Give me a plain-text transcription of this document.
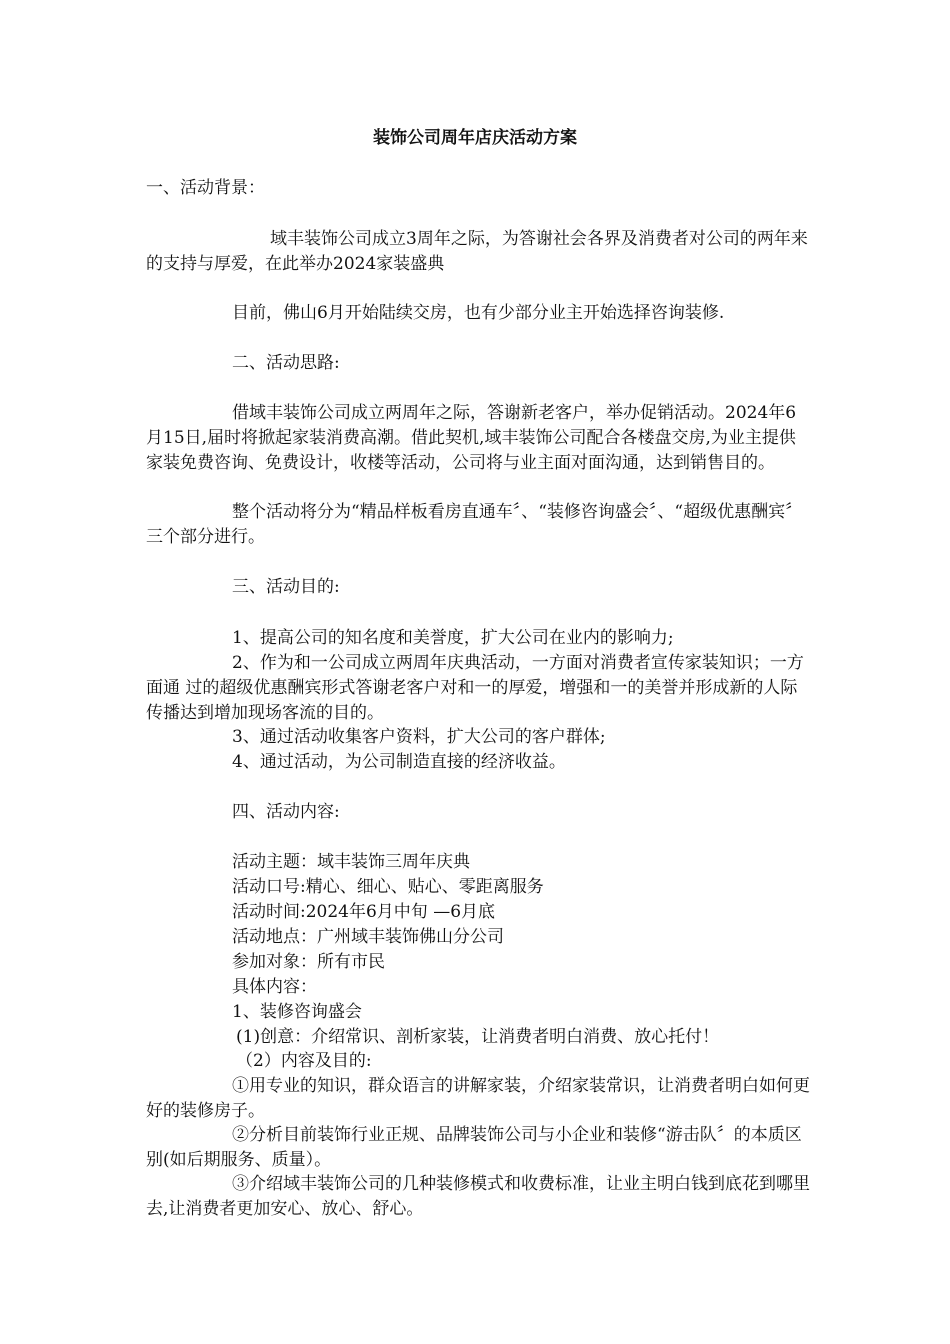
装饰公司周年店庆活动方案

一、活动背景：

域丰装饰公司成立3周年之际，为答谢社会各界及消费者对公司的两年来 的支持与厚爱，在此举办2024家装盛典

目前，佛山6月开始陆续交房，也有少部分业主开始选择咨询装修.

二、活动思路:

借域丰装饰公司成立两周年之际，答谢新老客户，举办促销活动。2024年6月15日,届时将掀起家装消费高潮。借此契机,域丰装饰公司配合各楼盘交房,为业主提供家装免费咨询、免费设计，收楼等活动，公司将与业主面对面沟通，达到销售目的。

整个活动将分为“精品样板看房直通车〞、“装修咨询盛会〞、“超级优惠酬宾〞三个部分进行。

三、活动目的:

1、提高公司的知名度和美誉度，扩大公司在业内的影响力;

2、作为和一公司成立两周年庆典活动，一方面对消费者宣传家装知识；一方面通 过的超级优惠酬宾形式答谢老客户对和一的厚爱，增强和一的美誉并形成新的人际传播达到增加现场客流的目的。

3、通过活动收集客户资料，扩大公司的客户群体;

4、通过活动，为公司制造直接的经济收益。

四、活动内容:

活动主题：域丰装饰三周年庆典

活动口号:精心、细心、贴心、零距离服务

活动时间:2024年6月中旬 —6月底

活动地点：广州域丰装饰佛山分公司

参加对象：所有市民

具体内容：

1、装修咨询盛会

(1)创意：介绍常识、剖析家装，让消费者明白消费、放心托付！

（2）内容及目的:

①用专业的知识，群众语言的讲解家装，介绍家装常识，让消费者明白如何更好的装修房子。

②分析目前装饰行业正规、品牌装饰公司与小企业和装修“游击队〞的本质区别(如后期服务、质量）。

③介绍域丰装饰公司的几种装修模式和收费标准，让业主明白钱到底花到哪里去,让消费者更加安心、放心、舒心。
